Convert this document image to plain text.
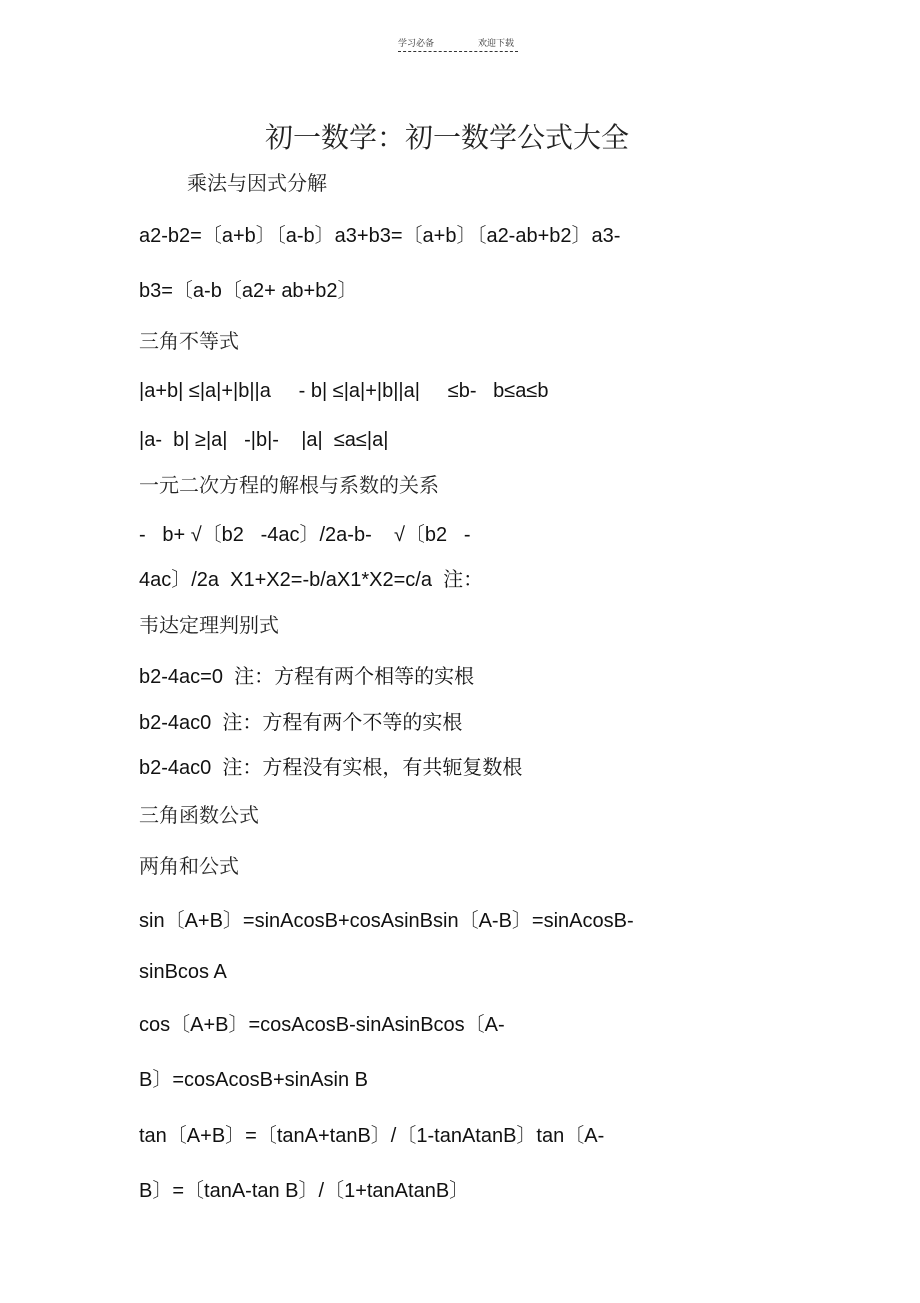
学习必备	欢迎下载
初一数学：初一数学公式大全
乘法与因式分解
a2-b2=〔a+b〕〔a-b〕a3+b3=〔a+b〕〔a2-ab+b2〕a3-
b3=〔a-b〔a2+ ab+b2〕
三角不等式
|a+b| ≤|a|+|b||a     - b| ≤|a|+|b||a|     ≤b-   b≤a≤b
|a-  b| ≥|a|   -|b|-    |a|  ≤a≤|a|
一元二次方程的解根与系数的关系
-   b+ √〔b2   -4ac〕/2a-b-    √〔b2   -
4ac〕/2a  X1+X2=-b/aX1*X2=c/a  注：
韦达定理判别式
b2-4ac=0  注：方程有两个相等的实根
b2-4ac0  注：方程有两个不等的实根
b2-4ac0  注：方程没有实根，有共轭复数根
三角函数公式
两角和公式
sin〔A+B〕=sinAcosB+cosAsinBsin〔A-B〕=sinAcosB-
sinBcos A
cos〔A+B〕=cosAcosB-sinAsinBcos〔A-
B〕=cosAcosB+sinAsin B
tan〔A+B〕=〔tanA+tanB〕/〔1-tanAtanB〕tan〔A-
B〕=〔tanA-tan B〕/〔1+tanAtanB〕
